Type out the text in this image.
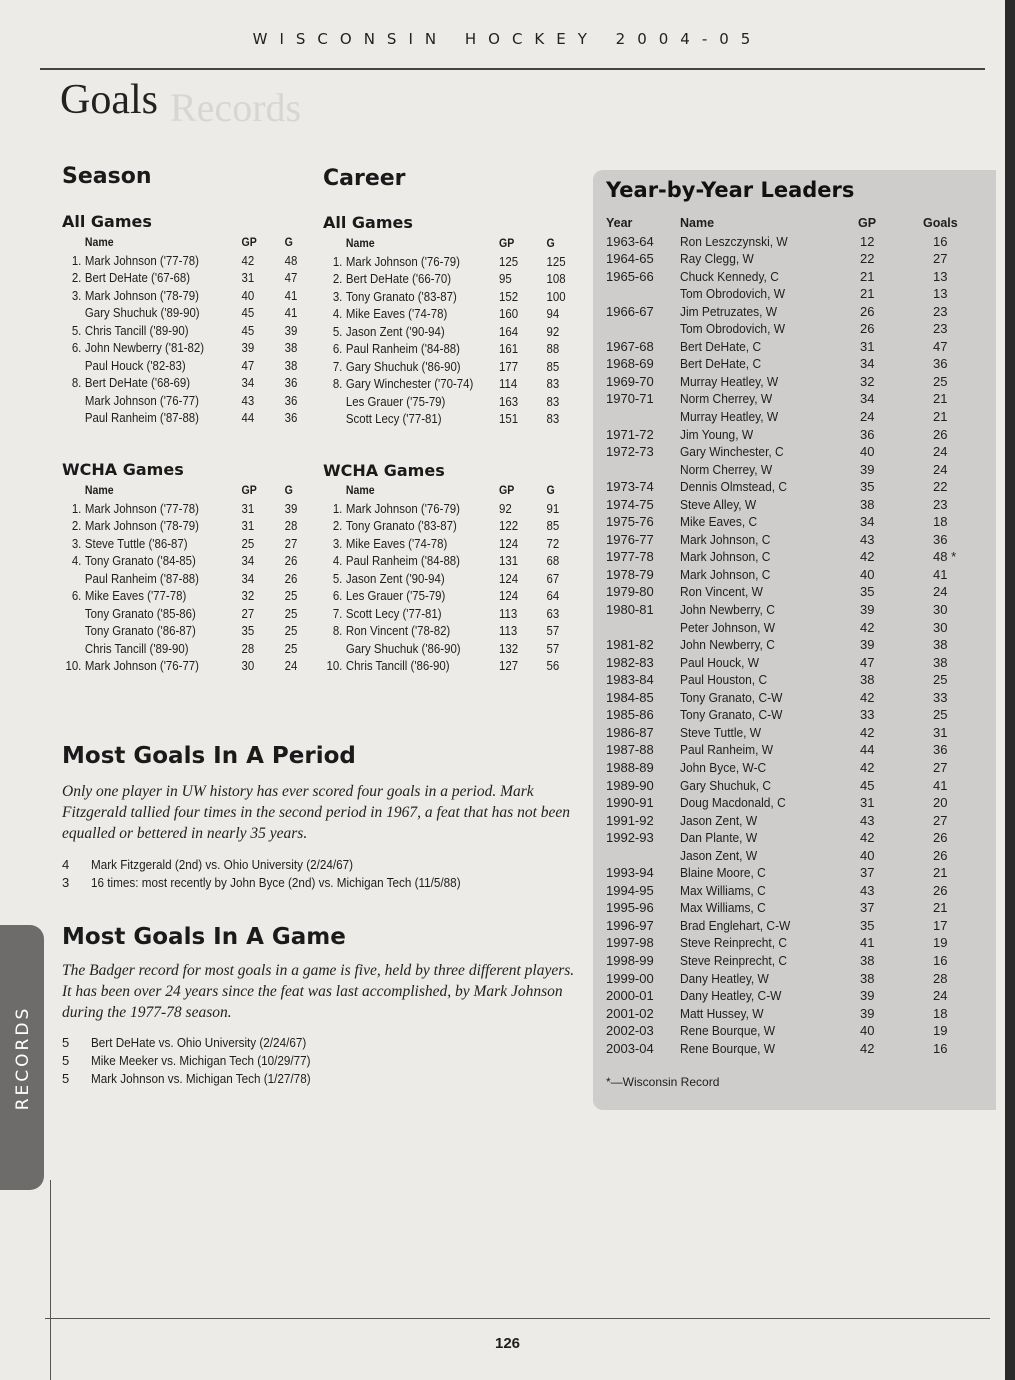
WISCONSIN HOCKEY 2004-05
Records
Goals
Season
All Games
Name	GP G
1. Mark Johnson ('77-78)	42 48
2. Bert DeHate ('67-68)	31 47
3. Mark Johnson ('78-79)	40 41
Gary Shuchuk ('89-90)	45 41
5. Chris Tancill ('89-90)	45 39
6. John Newberry ('81-82)	39 38
Paul Houck ('82-83)	47 38
8. Bert DeHate ('68-69)	34 36
Mark Johnson ('76-77)	43 36
Paul Ranheim ('87-88)	44 36
WCHA Games
Name	GP G
1. Mark Johnson ('77-78)	31 39
2. Mark Johnson ('78-79)	31 28
3. Steve Tuttle ('86-87)	25 27
4. Tony Granato ('84-85)	34 26
Paul Ranheim ('87-88)	34 26
6. Mike Eaves ('77-78)	32 25
Tony Granato ('85-86)	27 25
Tony Granato ('86-87)	35 25
Chris Tancill ('89-90)	28 25
10. Mark Johnson ('76-77)	30 24
Career
All Games
Name	GP	G
1. Mark Johnson ('76-79)	125 125
2. Bert DeHate ('66-70)	95	108
3. Tony Granato ('83-87)	152 100
4. Mike Eaves ('74-78)	160 94
5. Jason Zent ('90-94)	164 92
6. Paul Ranheim ('84-88)	161 88
7. Gary Shuchuk ('86-90)	177 85
8. Gary Winchester ('70-74) 114 83
Les Grauer ('75-79)	163 83
Scott Lecy ('77-81)	151 83
WCHA Games
Name	GP	G
1. Mark Johnson ('76-79)	92	91
2. Tony Granato ('83-87)	122 85
3. Mike Eaves ('74-78)	124 72
4. Paul Ranheim ('84-88)	131 68
5. Jason Zent ('90-94)	124 67
6. Les Grauer ('75-79)	124 64
7. Scott Lecy ('77-81)	113 63
8. Ron Vincent ('78-82)	113 57
Gary Shuchuk ('86-90)	132 57
10. Chris Tancill ('86-90)	127 56
Most Goals In A Period
Only one player in UW history has ever scored four goals in a period. Mark Fitzgerald tallied four times in the second period in 1967, a feat that has not been equalled or bettered in nearly 35 years.
4 Mark Fitzgerald (2nd) vs. Ohio University (2/24/67)
3 16 times: most recently by John Byce (2nd) vs. Michigan Tech (11/5/88)
Most Goals In A Game
The Badger record for most goals in a game is five, held by three different players. It has been over 24 years since the feat was last accomplished, by Mark Johnson during the 1977-78 season.
5 Bert DeHate vs. Ohio University (2/24/67)
5 Mike Meeker vs. Michigan Tech (10/29/77)
5 Mark Johnson vs. Michigan Tech (1/27/78)
Year-by-Year Leaders
Year	Name	GP	Goals
1963-64 Ron Leszczynski, W	12	16
1964-65 Ray Clegg, W	22	27
1965-66 Chuck Kennedy, C	21	13
Tom Obrodovich, W	21	13
1966-67 Jim Petruzates, W	26	23
Tom Obrodovich, W	26	23
1967-68 Bert DeHate, C	31	47
1968-69 Bert DeHate, C	34	36
1969-70 Murray Heatley, W	32	25
1970-71 Norm Cherrey, W	34	21
Murray Heatley, W	24	21
1971-72 Jim Young, W	36	26
1972-73 Gary Winchester, C	40	24
Norm Cherrey, W	39	24
1973-74 Dennis Olmstead, C	35	22
1974-75 Steve Alley, W	38	23
1975-76 Mike Eaves, C	34	18
1976-77 Mark Johnson, C	43	36
1977-78 Mark Johnson, C	42	48 *
1978-79 Mark Johnson, C	40	41
1979-80 Ron Vincent, W	35	24
1980-81 John Newberry, C	39	30
Peter Johnson, W	42	30
1981-82 John Newberry, C	39	38
1982-83 Paul Houck, W	47	38
1983-84 Paul Houston, C	38	25
1984-85 Tony Granato, C-W	42	33
1985-86 Tony Granato, C-W	33	25
1986-87 Steve Tuttle, W	42	31
1987-88 Paul Ranheim, W	44	36
1988-89 John Byce, W-C	42	27
1989-90 Gary Shuchuk, C	45	41
1990-91 Doug Macdonald, C	31	20
1991-92 Jason Zent, W	43	27
1992-93 Dan Plante, W	42	26
Jason Zent, W	40	26
1993-94 Blaine Moore, C	37	21
1994-95 Max Williams, C	43	26
1995-96 Max Williams, C	37	21
1996-97 Brad Englehart, C-W	35	17
1997-98 Steve Reinprecht, C	41	19
1998-99 Steve Reinprecht, C	38	16
1999-00 Dany Heatley, W	38	28
2000-01 Dany Heatley, C-W	39	24
2001-02 Matt Hussey, W	39	18
2002-03 Rene Bourque, W	40	19
2003-04 Rene Bourque, W	42	16
*—Wisconsin Record
RECORDS
126
